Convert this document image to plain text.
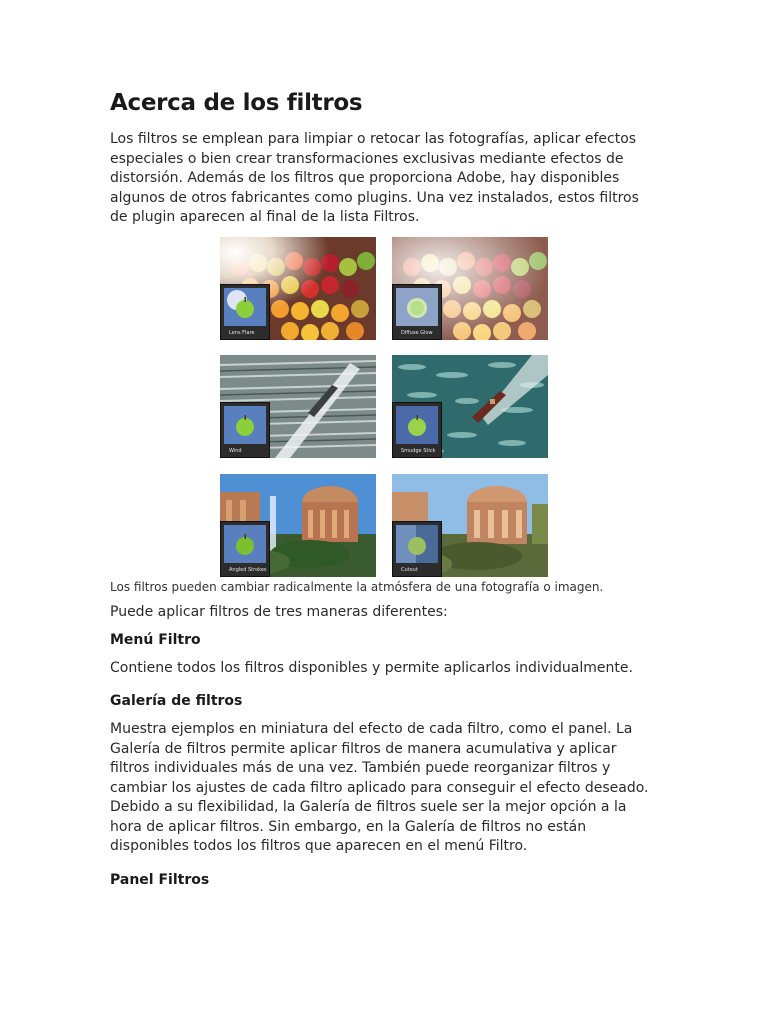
Acerca de los filtros

Los filtros se emplean para limpiar o retocar las fotografías, aplicar efectos especiales o bien crear transformaciones exclusivas mediante efectos de distorsión. Además de los filtros que proporciona Adobe, hay disponibles algunos de otros fabricantes como plugins. Una vez instalados, estos filtros de plugin aparecen al final de la lista Filtros.

Lens Flare	Diffuse Glow
Wind	Smudge Stick
Angled Strokes	Cutout
Los filtros pueden cambiar radicalmente la atmósfera de una fotografía o imagen.

Puede aplicar filtros de tres maneras diferentes:

Menú Filtro

Contiene todos los filtros disponibles y permite aplicarlos individualmente.

Galería de filtros

Muestra ejemplos en miniatura del efecto de cada filtro, como el panel. La Galería de filtros permite aplicar filtros de manera acumulativa y aplicar filtros individuales más de una vez. También puede reorganizar filtros y cambiar los ajustes de cada filtro aplicado para conseguir el efecto deseado. Debido a su flexibilidad, la Galería de filtros suele ser la mejor opción a la hora de aplicar filtros. Sin embargo, en la Galería de filtros no están disponibles todos los filtros que aparecen en el menú Filtro.

Panel Filtros
